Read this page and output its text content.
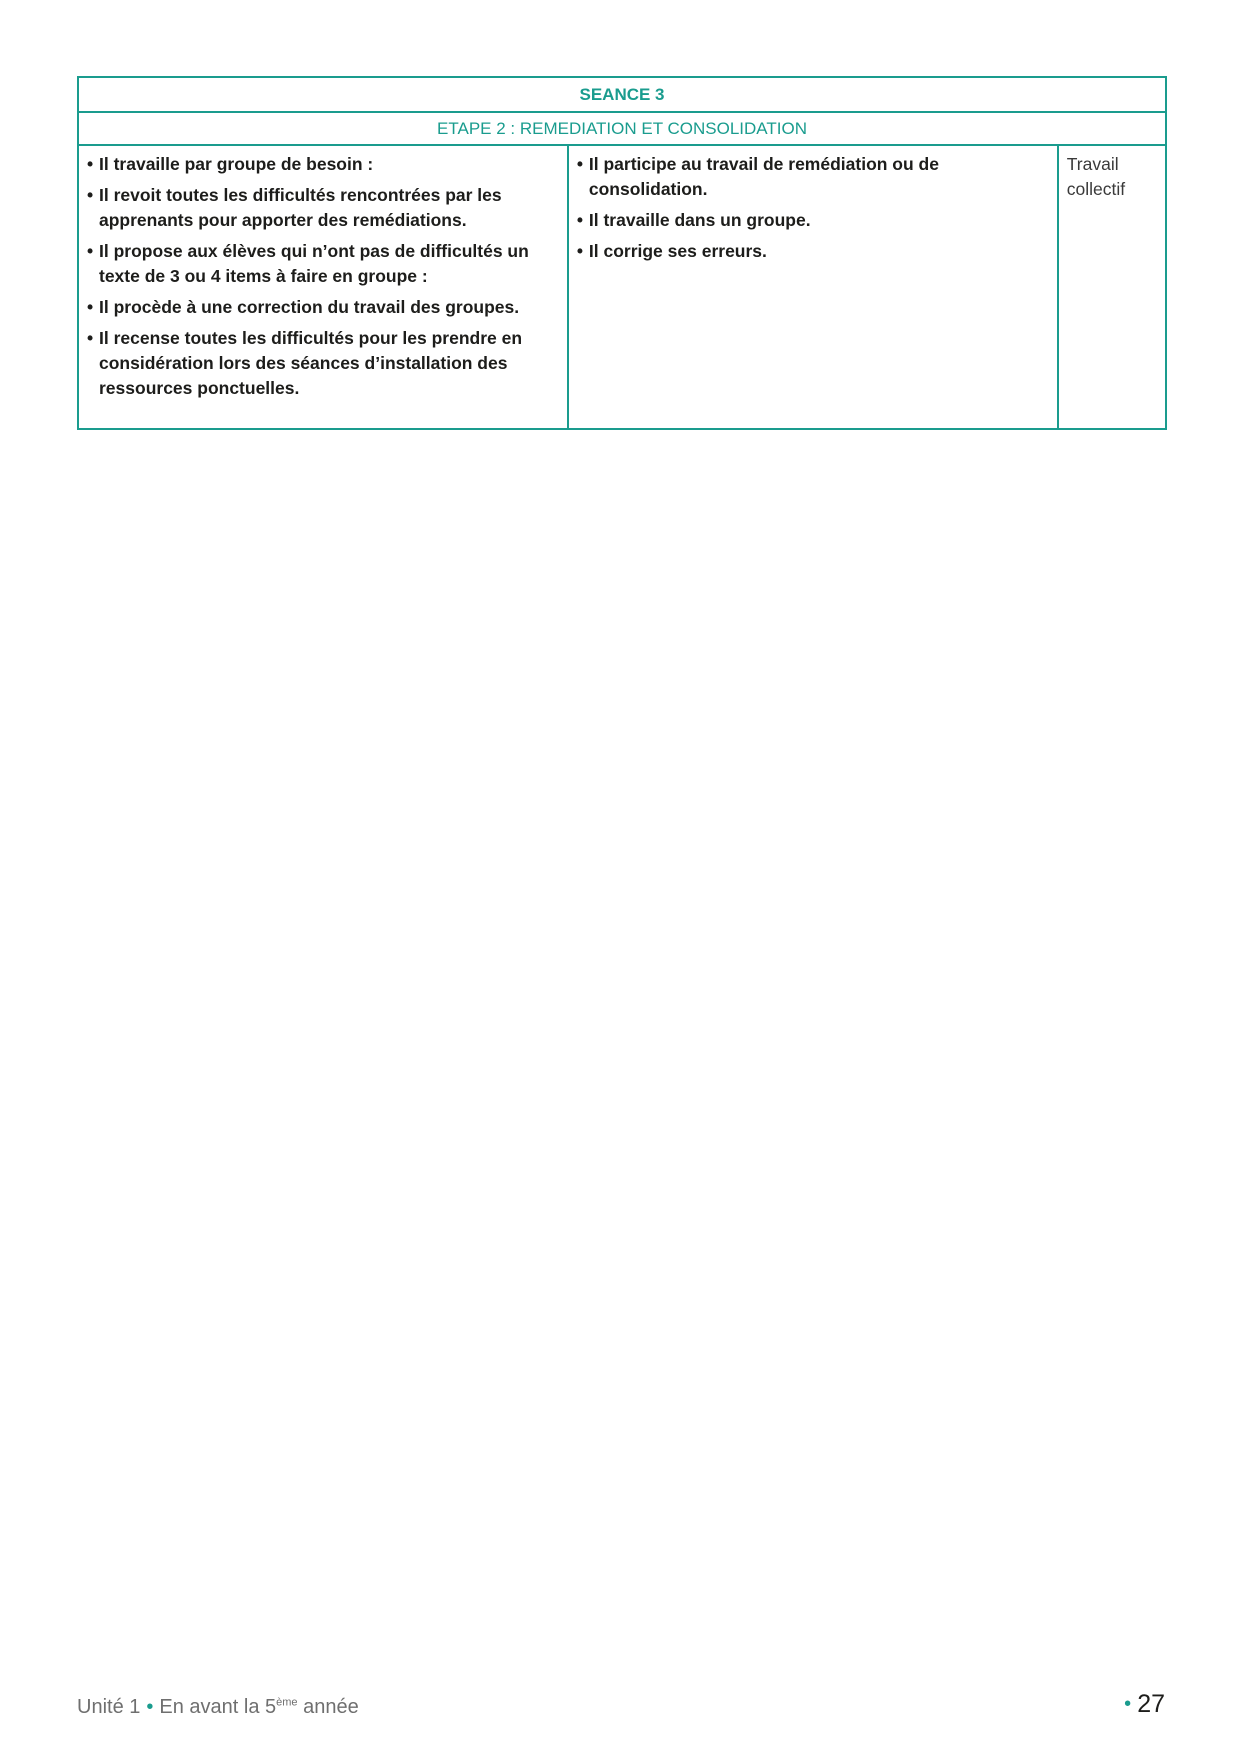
SEANCE 3
ETAPE 2 : REMEDIATION ET CONSOLIDATION

• Il travaille par groupe de besoin :
• Il revoit toutes les difficultés rencontrées par les apprenants pour apporter des remédiations.
• Il propose aux élèves qui n’ont pas de difficultés un texte de 3 ou 4 items à faire en groupe :
• Il procède à une correction du travail des groupes.
• Il recense toutes les difficultés pour les prendre en considération lors des séances d’installation des ressources ponctuelles.

• Il participe au travail de remédiation ou de consolidation.
• Il travaille dans un groupe.
• Il corrige ses erreurs.

Travail collectif
Unité 1 • En avant la 5ème année	• 27
